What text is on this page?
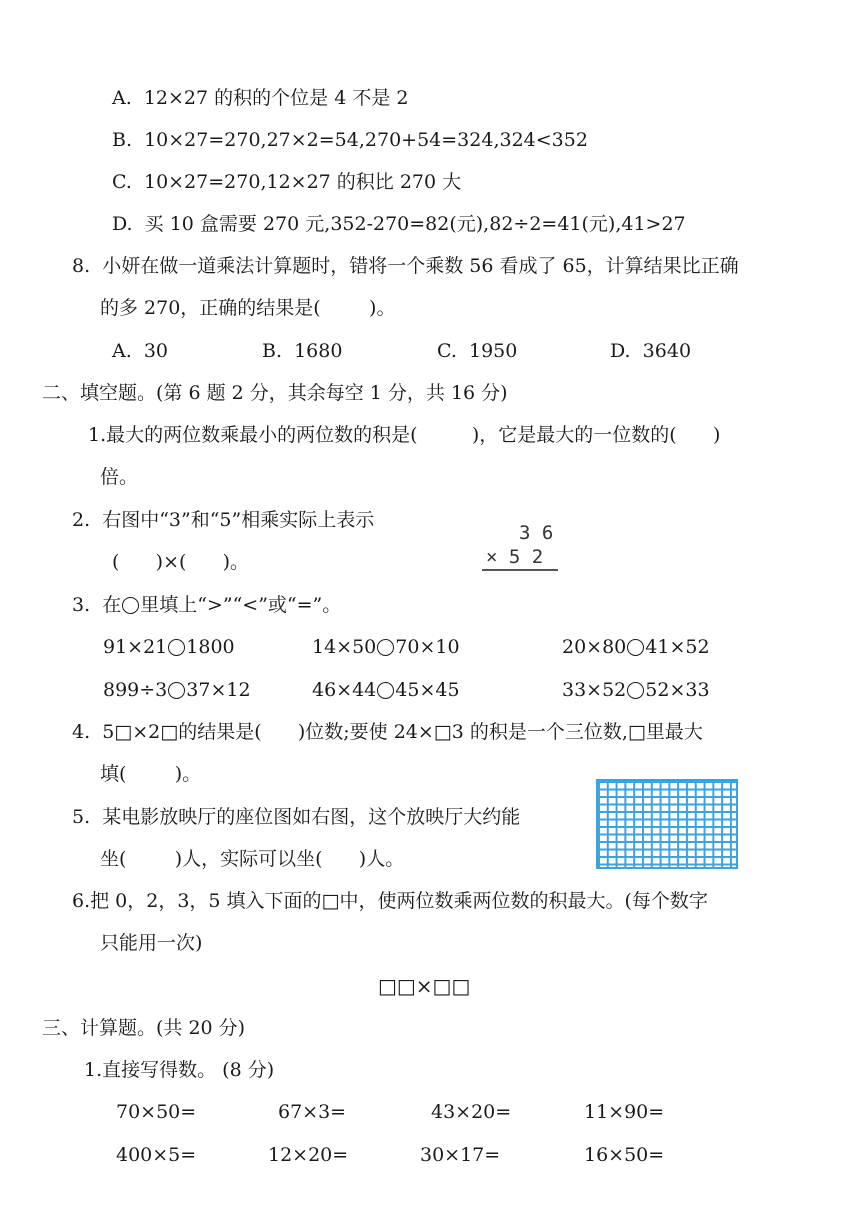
A.  12×27 的积的个位是 4 不是 2
B.  10×27=270,27×2=54,270+54=324,324<352
C.  10×27=270,12×27 的积比 270 大
D.  买 10 盒需要 270 元,352-270=82(元),82÷2=41(元),41>27
8.  小妍在做一道乘法计算题时，错将一个乘数 56 看成了 65，计算结果比正确
的多 270，正确的结果是(        )。
A.  30	B.  1680	C.  1950	D.  3640
二、填空题。(第 6 题 2 分，其余每空 1 分，共 16 分)
1.最大的两位数乘最小的两位数的积是(         )，它是最大的一位数的(      )
倍。
2.  右图中“3”和“5”相乘实际上表示
(      )×(      )。
3 6
× 5 2
3.  在 里填上“>”“<”或“=”。
91×21 1800	14×50 70×10	20×80 41×52
899÷3 37×12	46×44 45×45	33×52 52×33
4.  5□×2□的结果是(      )位数;要使 24×□3 的积是一个三位数,□里最大
填(        )。
5.  某电影放映厅的座位图如右图，这个放映厅大约能
坐(        )人，实际可以坐(      )人。
6.把 0，2，3，5 填入下面的□中，使两位数乘两位数的积最大。(每个数字
只能用一次)
□□×□□
三、计算题。(共 20 分)
1.直接写得数。 (8 分)
70×50=	67×3=	43×20=	11×90=
400×5=	12×20=	30×17=	16×50=
